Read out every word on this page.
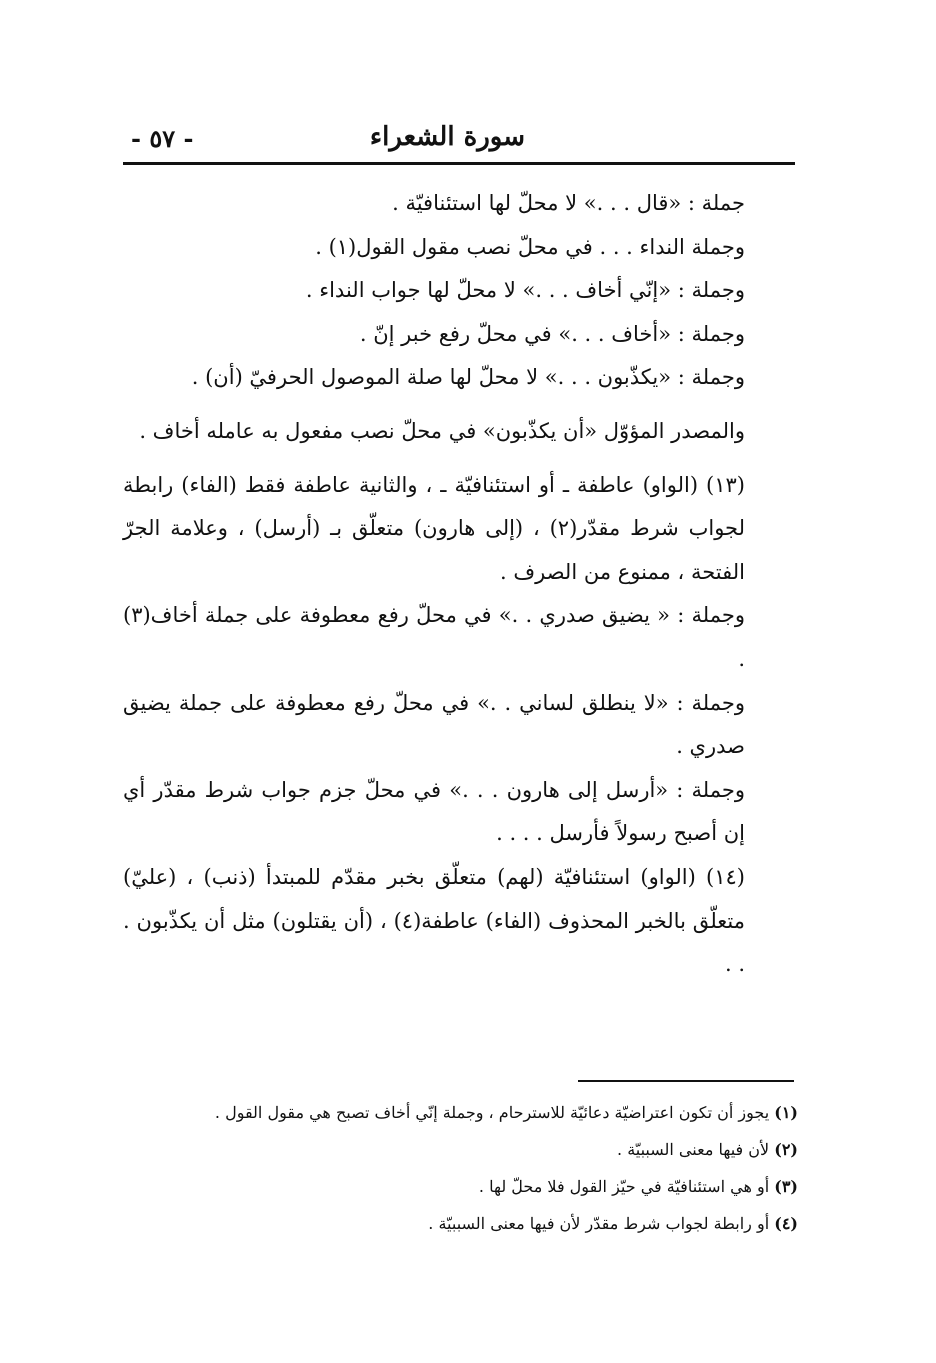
سورة الشعراء
- ٥٧ -

جملة : «قال . . .» لا محلّ لها استئنافيّة .

وجملة النداء . . . في محلّ نصب مقول القول(١) .

وجملة : «إنّي أخاف . . .» لا محلّ لها جواب النداء .

وجملة : «أخاف . . .» في محلّ رفع خبر إنّ .

وجملة : «يكذّبون . . .» لا محلّ لها صلة الموصول الحرفيّ (أن) .

والمصدر المؤوّل «أن يكذّبون» في محلّ نصب مفعول به عامله أخاف .

(١٣) (الواو) عاطفة ـ أو استئنافيّة ـ ، والثانية عاطفة فقط (الفاء) رابطة لجواب شرط مقدّر(٢) ، (إلى هارون) متعلّق بـ (أرسل) ، وعلامة الجرّ الفتحة ، ممنوع من الصرف .

وجملة : « يضيق صدري . .» في محلّ رفع معطوفة على جملة أخاف(٣) .

وجملة : «لا ينطلق لساني . .» في محلّ رفع معطوفة على جملة يضيق صدري .

وجملة : «أرسل إلى هارون . . .» في محلّ جزم جواب شرط مقدّر أي إن أصبح رسولاً فأرسل . . . .

(١٤) (الواو) استئنافيّة (لهم) متعلّق بخبر مقدّم للمبتدأ (ذنب) ، (عليّ) متعلّق بالخبر المحذوف (الفاء) عاطفة(٤) ، (أن يقتلون) مثل أن يكذّبون . . .

(١) يجوز أن تكون اعتراضيّة دعائيّة للاسترحام ، وجملة إنّي أخاف تصبح هي مقول القول .

(٢) لأن فيها معنى السببيّة .

(٣) أو هي استئنافيّة في حيّز القول فلا محلّ لها .

(٤) أو رابطة لجواب شرط مقدّر لأن فيها معنى السببيّة .
